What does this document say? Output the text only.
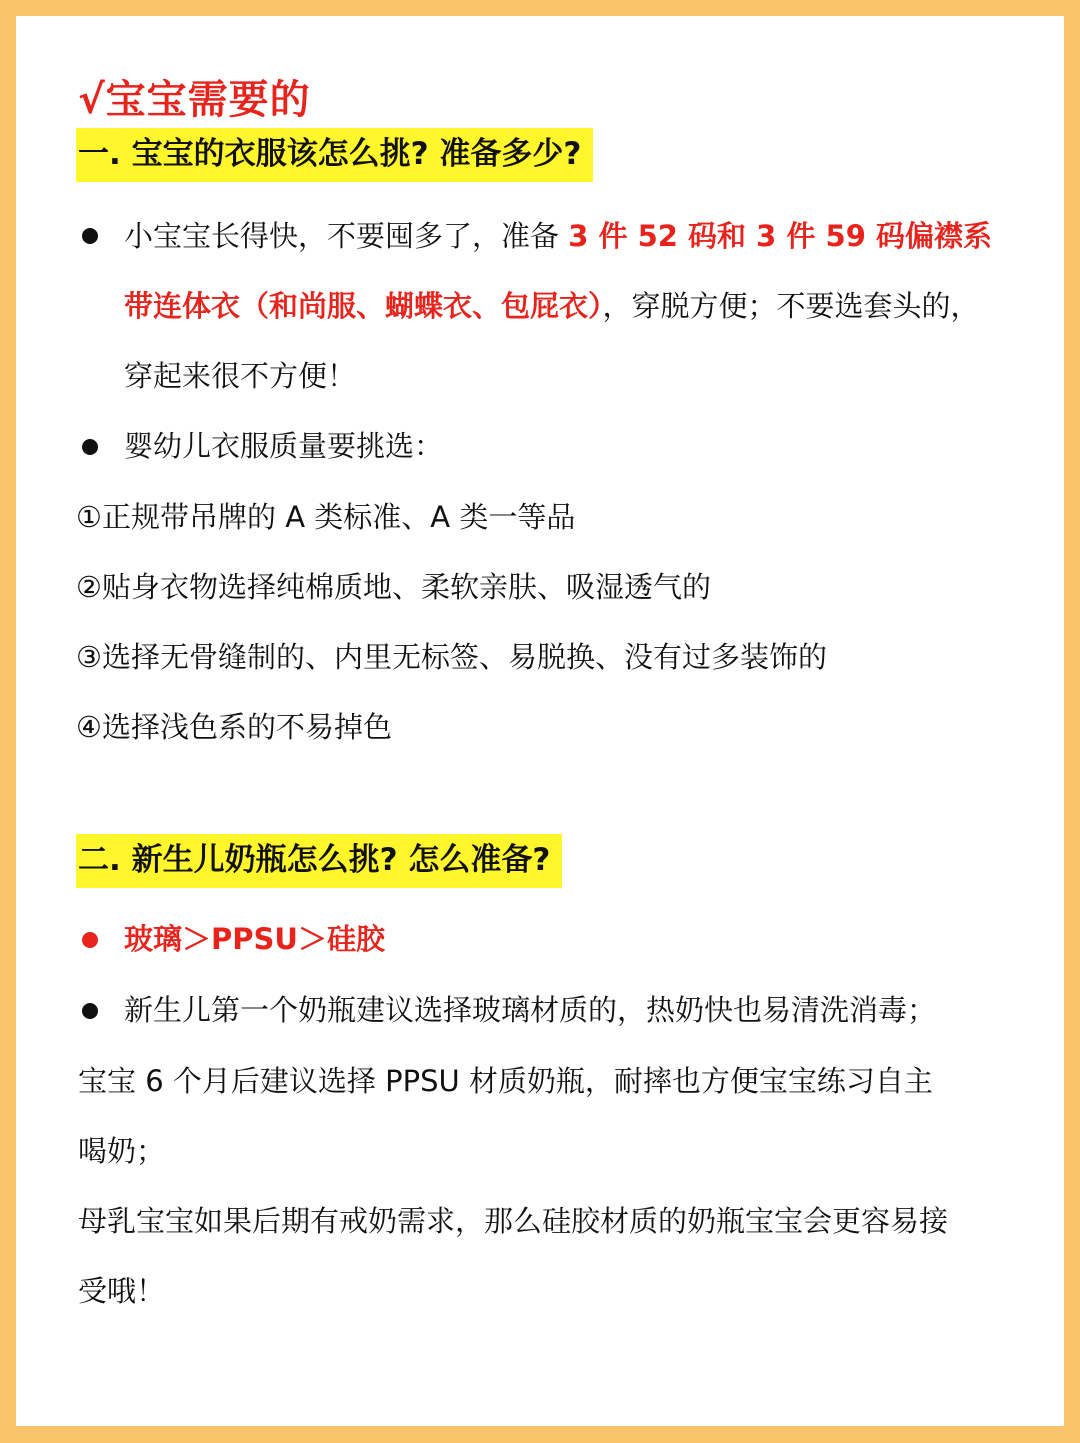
√宝宝需要的
一. 宝宝的衣服该怎么挑? 准备多少?
小宝宝长得快，不要囤多了，准备 3 件 52 码和 3 件 59 码偏襟系
带连体衣（和尚服、蝴蝶衣、包屁衣），穿脱方便；不要选套头的，
穿起来很不方便！
婴幼儿衣服质量要挑选：
①正规带吊牌的 A 类标准、A 类一等品
②贴身衣物选择纯棉质地、柔软亲肤、吸湿透气的
③选择无骨缝制的、内里无标签、易脱换、没有过多装饰的
④选择浅色系的不易掉色
二. 新生儿奶瓶怎么挑? 怎么准备?
玻璃＞PPSU＞硅胶
新生儿第一个奶瓶建议选择玻璃材质的，热奶快也易清洗消毒；
宝宝 6 个月后建议选择 PPSU 材质奶瓶，耐摔也方便宝宝练习自主
喝奶；
母乳宝宝如果后期有戒奶需求，那么硅胶材质的奶瓶宝宝会更容易接
受哦！
